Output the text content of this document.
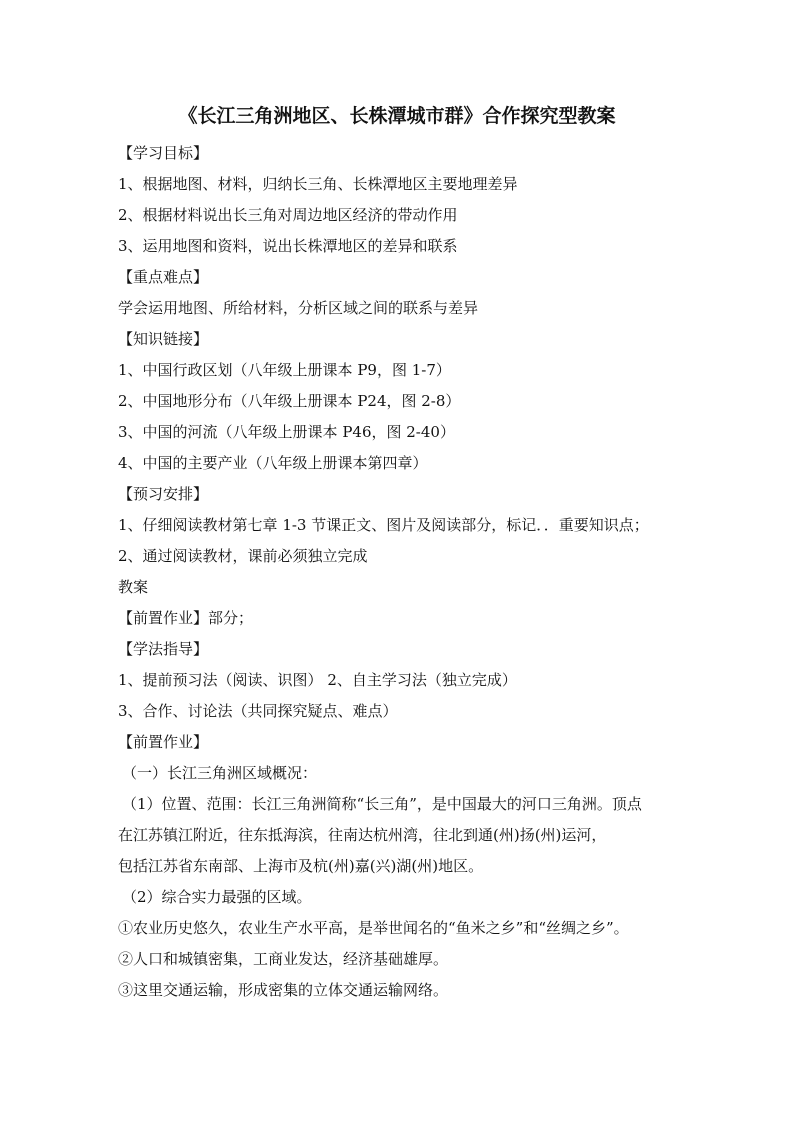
《长江三角洲地区、长株潭城市群》合作探究型教案

【学习目标】

1、根据地图、材料，归纳长三角、长株潭地区主要地理差异

2、根据材料说出长三角对周边地区经济的带动作用

3、运用地图和资料，说出长株潭地区的差异和联系

【重点难点】

学会运用地图、所给材料，分析区域之间的联系与差异

【知识链接】

1、中国行政区划（八年级上册课本 P9，图 1-7）

2、中国地形分布（八年级上册课本 P24，图 2-8）

3、中国的河流（八年级上册课本 P46，图 2-40）

4、中国的主要产业（八年级上册课本第四章）

【预习安排】

1、仔细阅读教材第七章 1-3 节课正文、图片及阅读部分，标记．．重要知识点；

2、通过阅读教材，课前必须独立完成

教案

【前置作业】部分；

【学法指导】

1、提前预习法（阅读、识图） 2、自主学习法（独立完成）

3、合作、讨论法（共同探究疑点、难点）

【前置作业】

（一）长江三角洲区域概况：

（1）位置、范围：长江三角洲简称“长三角”，是中国最大的河口三角洲。顶点

在江苏镇江附近，往东抵海滨，往南达杭州湾，往北到通(州)扬(州)运河，

包括江苏省东南部、上海市及杭(州)嘉(兴)湖(州)地区。

（2）综合实力最强的区域。

①农业历史悠久，农业生产水平高，是举世闻名的“鱼米之乡”和“丝绸之乡”。

②人口和城镇密集，工商业发达，经济基础雄厚。

③这里交通运输，形成密集的立体交通运输网络。
